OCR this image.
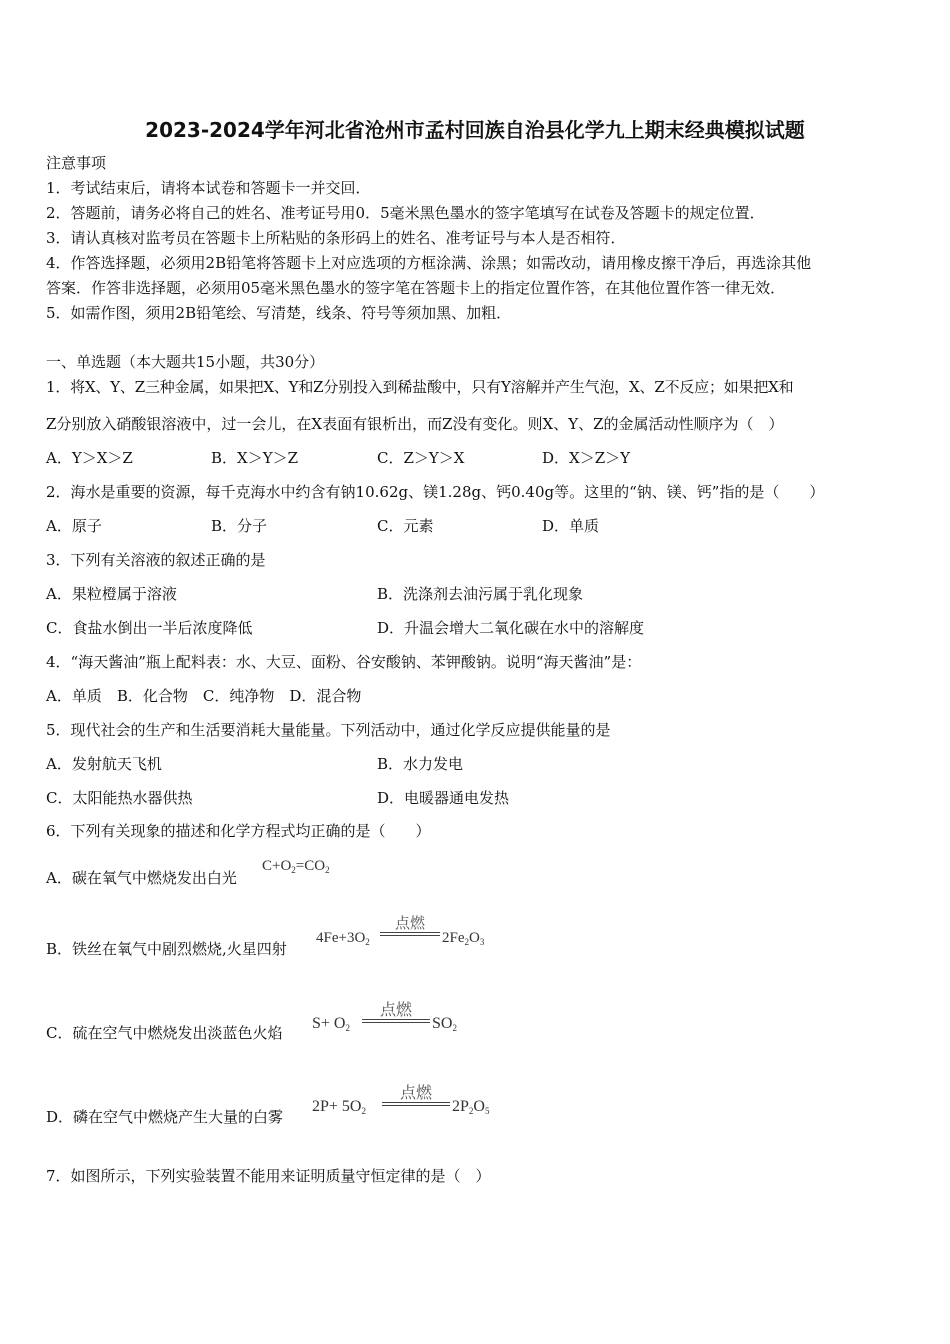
2023-2024学年河北省沧州市孟村回族自治县化学九上期末经典模拟试题
注意事项
1．考试结束后，请将本试卷和答题卡一并交回．
2．答题前，请务必将自己的姓名、准考证号用0．5毫米黑色墨水的签字笔填写在试卷及答题卡的规定位置．
3．请认真核对监考员在答题卡上所粘贴的条形码上的姓名、准考证号与本人是否相符．
4．作答选择题，必须用2B铅笔将答题卡上对应选项的方框涂满、涂黑；如需改动，请用橡皮擦干净后，再选涂其他
答案．作答非选择题，必须用05毫米黑色墨水的签字笔在答题卡上的指定位置作答，在其他位置作答一律无效．
5．如需作图，须用2B铅笔绘、写清楚，线条、符号等须加黑、加粗．
一、单选题（本大题共15小题，共30分）
1．将X、Y、Z三种金属，如果把X、Y和Z分别投入到稀盐酸中，只有Y溶解并产生气泡，X、Z不反应；如果把X和
Z分别放入硝酸银溶液中，过一会儿，在X表面有银析出，而Z没有变化。则X、Y、Z的金属活动性顺序为（　）
A．Y＞X＞Z	B．X＞Y＞Z	C．Z＞Y＞X	D．X＞Z＞Y
2．海水是重要的资源，每千克海水中约含有钠10.62g、镁1.28g、钙0.40g等。这里的“钠、镁、钙”指的是（　　）
A．原子	B．分子	C．元素	D．单质
3．下列有关溶液的叙述正确的是
A．果粒橙属于溶液	B．洗涤剂去油污属于乳化现象
C．食盐水倒出一半后浓度降低	D．升温会增大二氧化碳在水中的溶解度
4．“海天酱油”瓶上配料表：水、大豆、面粉、谷安酸钠、苯钾酸钠。说明“海天酱油”是：
A．单质　B．化合物　C．纯净物　D．混合物
5．现代社会的生产和生活要消耗大量能量。下列活动中，通过化学反应提供能量的是
A．发射航天飞机	B．水力发电
C．太阳能热水器供热	D．电暖器通电发热
6．下列有关现象的描述和化学方程式均正确的是（　　）
A．碳在氧气中燃烧发出白光
$C+O_2=CO_2$
B．铁丝在氧气中剧烈燃烧,火星四射
$4Fe+3O_2$
点燃
$2Fe_2O_3$
C．硫在空气中燃烧发出淡蓝色火焰
$S+ O_2$
点燃
$SO_2$
D．磷在空气中燃烧产生大量的白雾
$2P+ 5O_2$
点燃
$2P_2O_5$
7．如图所示，下列实验装置不能用来证明质量守恒定律的是（　）
